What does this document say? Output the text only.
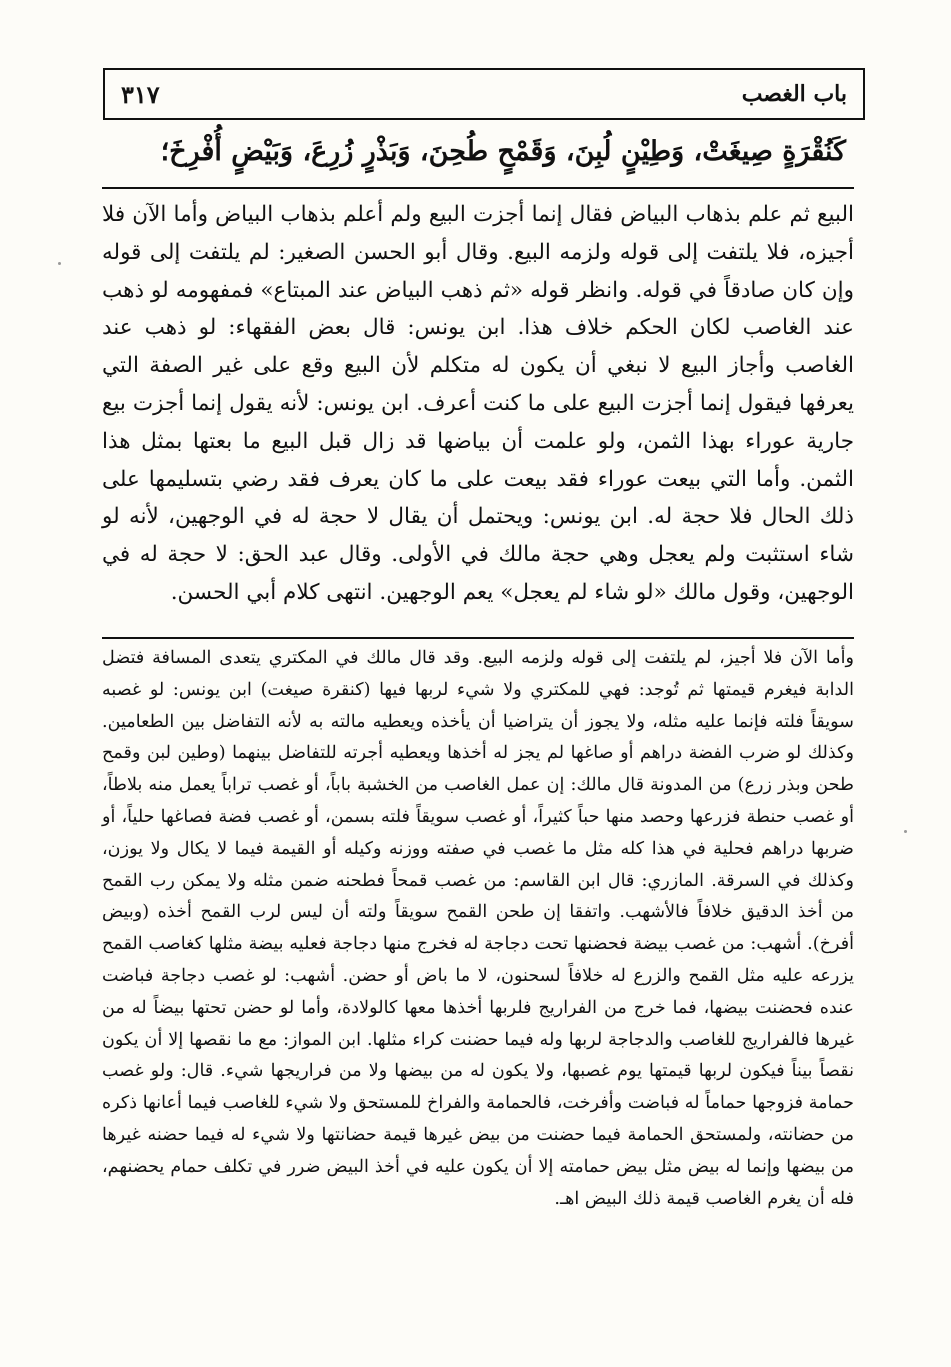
باب الغصب
٣١٧
كَنُقْرَةٍ صِيغَتْ، وَطِيْنٍ لُبِنَ، وَقَمْحٍ طُحِنَ، وَبَذْرٍ زُرِعَ، وَبَيْضٍ أُفْرِخَ؛

البيع ثم علم بذهاب البياض فقال إنما أجزت البيع ولم أعلم بذهاب البياض وأما الآن فلا أجيزه، فلا يلتفت إلى قوله ولزمه البيع. وقال أبو الحسن الصغير: لم يلتفت إلى قوله وإن كان صادقاً في قوله. وانظر قوله «ثم ذهب البياض عند المبتاع» فمفهومه لو ذهب عند الغاصب لكان الحكم خلاف هذا. ابن يونس: قال بعض الفقهاء: لو ذهب عند الغاصب وأجاز البيع لا نبغي أن يكون له متكلم لأن البيع وقع على غير الصفة التي يعرفها فيقول إنما أجزت البيع على ما كنت أعرف. ابن يونس: لأنه يقول إنما أجزت بيع جارية عوراء بهذا الثمن، ولو علمت أن بياضها قد زال قبل البيع ما بعتها بمثل هذا الثمن. وأما التي بيعت عوراء فقد بيعت على ما كان يعرف فقد رضي بتسليمها على ذلك الحال فلا حجة له. ابن يونس: ويحتمل أن يقال لا حجة له في الوجهين، لأنه لو شاء استثبت ولم يعجل وهي حجة مالك في الأولى. وقال عبد الحق: لا حجة له في الوجهين، وقول مالك «لو شاء لم يعجل» يعم الوجهين. انتهى كلام أبي الحسن.

وأما الآن فلا أجيز، لم يلتفت إلى قوله ولزمه البيع. وقد قال مالك في المكتري يتعدى المسافة فتضل الدابة فيغرم قيمتها ثم تُوجد: فهي للمكتري ولا شيء لربها فيها (كنقرة صيغت) ابن يونس: لو غصبه سويقاً فلته فإنما عليه مثله، ولا يجوز أن يتراضيا أن يأخذه ويعطيه مالته به لأنه التفاضل بين الطعامين. وكذلك لو ضرب الفضة دراهم أو صاغها لم يجز له أخذها ويعطيه أجرته للتفاضل بينهما (وطين لبن وقمح طحن وبذر زرع) من المدونة قال مالك: إن عمل الغاصب من الخشبة باباً، أو غصب تراباً يعمل منه بلاطاً، أو غصب حنطة فزرعها وحصد منها حباً كثيراً، أو غصب سويقاً فلته بسمن، أو غصب فضة فصاغها حلياً، أو ضربها دراهم فحلية في هذا كله مثل ما غصب في صفته ووزنه وكيله أو القيمة فيما لا يكال ولا يوزن، وكذلك في السرقة. المازري: قال ابن القاسم: من غصب قمحاً فطحنه ضمن مثله ولا يمكن رب القمح من أخذ الدقيق خلافاً فالأشهب. واتفقا إن طحن القمح سويقاً ولته أن ليس لرب القمح أخذه (وبيض أفرخ). أشهب: من غصب بيضة فحضنها تحت دجاجة له فخرج منها دجاجة فعليه بيضة مثلها كغاصب القمح يزرعه عليه مثل القمح والزرع له خلافاً لسحنون، لا ما باض أو حضن. أشهب: لو غصب دجاجة فباضت عنده فحضنت بيضها، فما خرج من الفراريج فلربها أخذها معها كالولادة، وأما لو حضن تحتها بيضاً له من غيرها فالفراريج للغاصب والدجاجة لربها وله فيما حضنت كراء مثلها. ابن المواز: مع ما نقصها إلا أن يكون نقصاً بيناً فيكون لربها قيمتها يوم غصبها، ولا يكون له من بيضها ولا من فراريجها شيء. قال: ولو غصب حمامة فزوجها حماماً له فباضت وأفرخت، فالحمامة والفراخ للمستحق ولا شيء للغاصب فيما أعانها ذكره من حضانته، ولمستحق الحمامة فيما حضنت من بيض غيرها قيمة حضانتها ولا شيء له فيما حضنه غيرها من بيضها وإنما له بيض مثل بيض حمامته إلا أن يكون عليه في أخذ البيض ضرر في تكلف حمام يحضنهم، فله أن يغرم الغاصب قيمة ذلك البيض اهـ.
